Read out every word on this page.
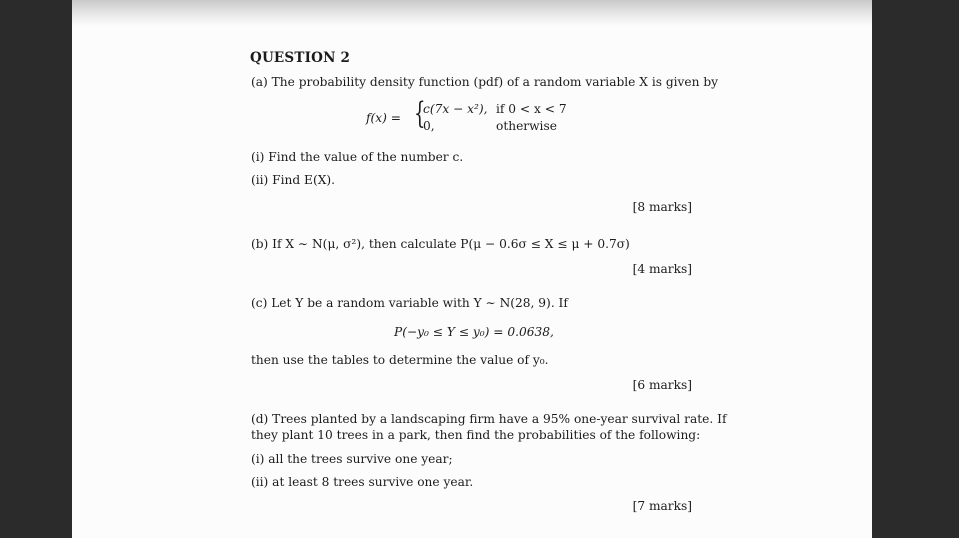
QUESTION 2
(a) The probability density function (pdf) of a random variable X is given by
f(x) = {
c(7x − x²), if 0 < x < 7
0,	otherwise
(i) Find the value of the number c.
(ii) Find E(X).
[8 marks]
(b) If X ∼ N(μ, σ²), then calculate P(μ − 0.6σ ≤ X ≤ μ + 0.7σ)
[4 marks]
(c) Let Y be a random variable with Y ∼ N(28, 9). If
P(−y₀ ≤ Y ≤ y₀) = 0.0638,
then use the tables to determine the value of y₀.
[6 marks]
(d) Trees planted by a landscaping firm have a 95% one-year survival rate. If
they plant 10 trees in a park, then find the probabilities of the following:
(i) all the trees survive one year;
(ii) at least 8 trees survive one year.
[7 marks]
